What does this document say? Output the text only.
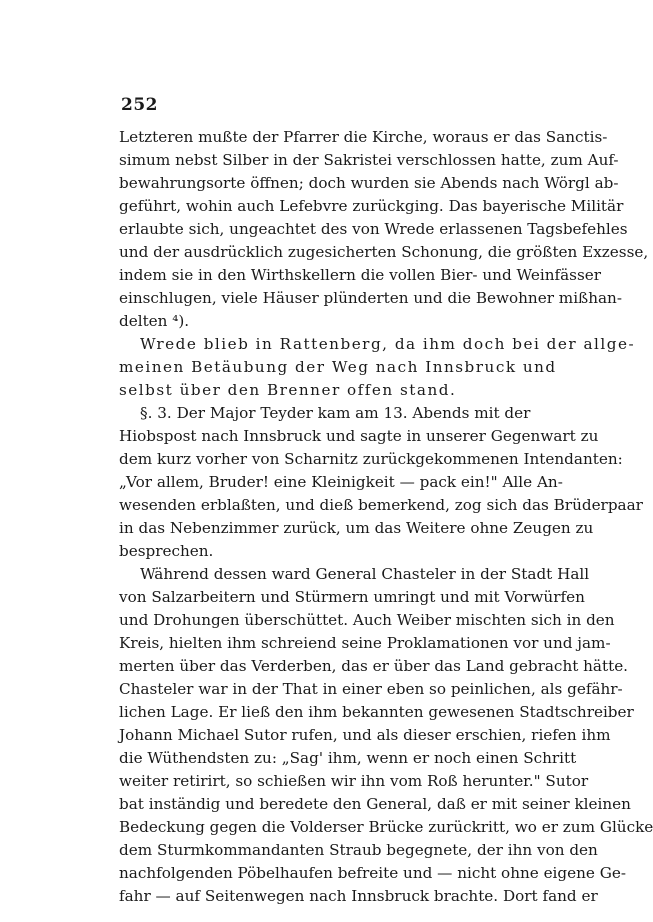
252
Letzteren mußte der Pfarrer die Kirche, woraus er das Sanctis-
simum nebst Silber in der Sakristei verschlossen hatte, zum Auf-
bewahrungsorte öffnen; doch wurden sie Abends nach Wörgl ab-
geführt, wohin auch Lefebvre zurückging. Das bayerische Militär
erlaubte sich, ungeachtet des von Wrede erlassenen Tagsbefehles
und der ausdrücklich zugesicherten Schonung, die größten Exzesse,
indem sie in den Wirthskellern die vollen Bier- und Weinfässer
einschlugen, viele Häuser plünderten und die Bewohner mißhan-
delten ⁴).
Wrede blieb in Rattenberg, da ihm doch bei der allge-
meinen Betäubung der Weg nach Innsbruck und
selbst über den Brenner offen stand.
§. 3. Der Major Teyder kam am 13. Abends mit der
Hiobspost nach Innsbruck und sagte in unserer Gegenwart zu
dem kurz vorher von Scharnitz zurückgekommenen Intendanten:
„Vor allem, Bruder! eine Kleinigkeit — pack ein!" Alle An-
wesenden erblaßten, und dieß bemerkend, zog sich das Brüderpaar
in das Nebenzimmer zurück, um das Weitere ohne Zeugen zu
besprechen.
Während dessen ward General Chasteler in der Stadt Hall
von Salzarbeitern und Stürmern umringt und mit Vorwürfen
und Drohungen überschüttet. Auch Weiber mischten sich in den
Kreis, hielten ihm schreiend seine Proklamationen vor und jam-
merten über das Verderben, das er über das Land gebracht hätte.
Chasteler war in der That in einer eben so peinlichen, als gefähr-
lichen Lage. Er ließ den ihm bekannten gewesenen Stadtschreiber
Johann Michael Sutor rufen, und als dieser erschien, riefen ihm
die Wüthendsten zu: „Sag' ihm, wenn er noch einen Schritt
weiter retirirt, so schießen wir ihn vom Roß herunter." Sutor
bat inständig und beredete den General, daß er mit seiner kleinen
Bedeckung gegen die Volderser Brücke zurückritt, wo er zum Glücke
dem Sturmkommandanten Straub begegnete, der ihn von den
nachfolgenden Pöbelhaufen befreite und — nicht ohne eigene Ge-
fahr — auf Seitenwegen nach Innsbruck brachte. Dort fand er
